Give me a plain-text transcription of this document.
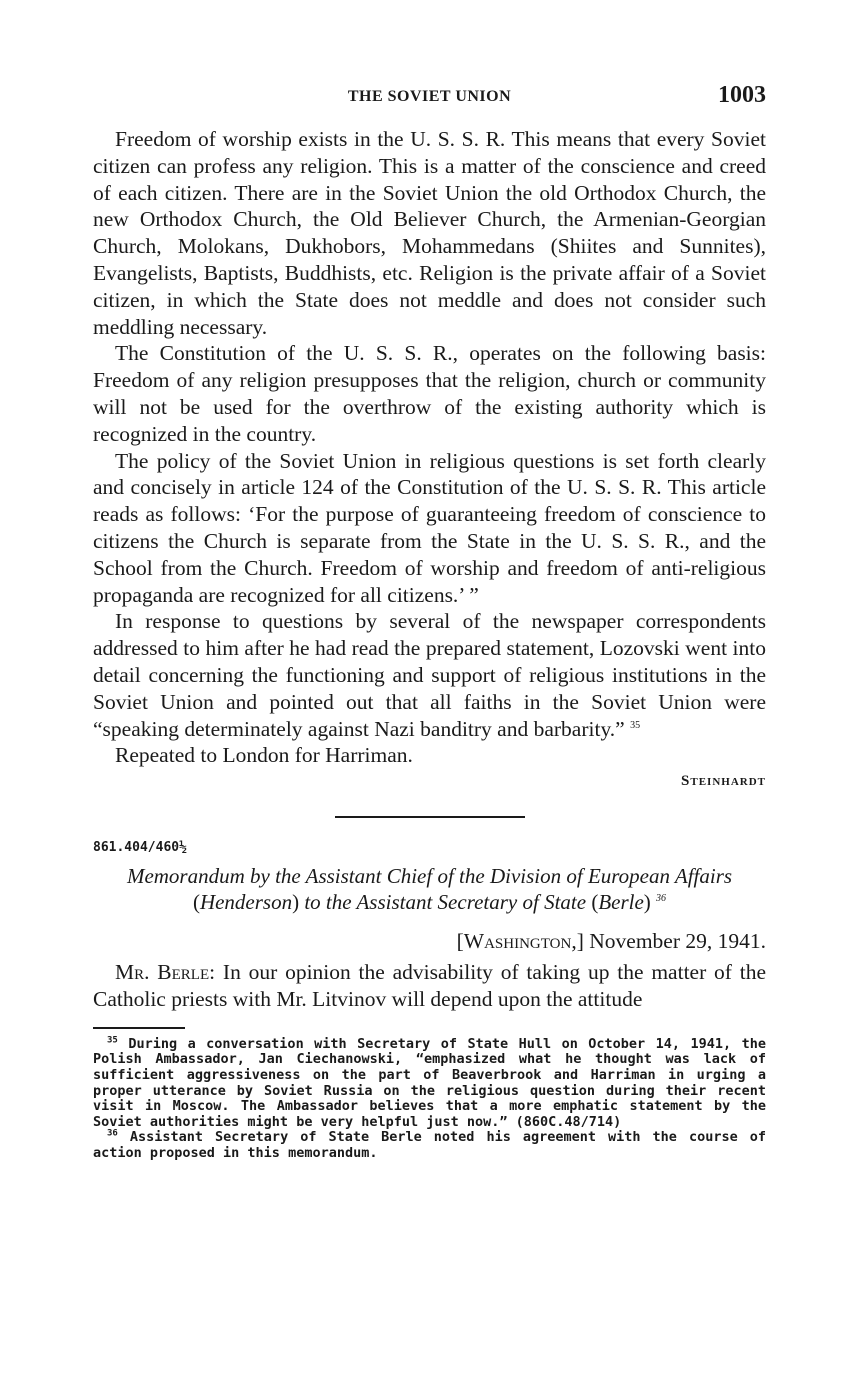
THE SOVIET UNION	1003

Freedom of worship exists in the U. S. S. R. This means that every Soviet citizen can profess any religion. This is a matter of the conscience and creed of each citizen. There are in the Soviet Union the old Orthodox Church, the new Orthodox Church, the Old Believer Church, the Armenian-Georgian Church, Molokans, Dukhobors, Mohammedans (Shiites and Sunnites), Evangelists, Baptists, Buddhists, etc. Religion is the private affair of a Soviet citizen, in which the State does not meddle and does not consider such meddling necessary.

The Constitution of the U. S. S. R., operates on the following basis: Freedom of any religion presupposes that the religion, church or community will not be used for the overthrow of the existing authority which is recognized in the country.

The policy of the Soviet Union in religious questions is set forth clearly and concisely in article 124 of the Constitution of the U. S. S. R. This article reads as follows: ‘For the purpose of guaranteeing freedom of conscience to citizens the Church is separate from the State in the U. S. S. R., and the School from the Church. Freedom of worship and freedom of anti-religious propaganda are recognized for all citizens.’ ”

In response to questions by several of the newspaper correspondents addressed to him after he had read the prepared statement, Lozovski went into detail concerning the functioning and support of religious institutions in the Soviet Union and pointed out that all faiths in the Soviet Union were “speaking determinately against Nazi banditry and barbarity.” $^{35}$

Repeated to London for Harriman.

Steinhardt
861.404/460½
Memorandum by the Assistant Chief of the Division of European Affairs (Henderson) to the Assistant Secretary of State (Berle) $^{36}$
[Washington,] November 29, 1941.

Mr. Berle: In our opinion the advisability of taking up the matter of the Catholic priests with Mr. Litvinov will depend upon the attitude

$^{35}$ During a conversation with Secretary of State Hull on October 14, 1941, the Polish Ambassador, Jan Ciechanowski, “emphasized what he thought was lack of sufficient aggressiveness on the part of Beaverbrook and Harriman in urging a proper utterance by Soviet Russia on the religious question during their recent visit in Moscow. The Ambassador believes that a more emphatic statement by the Soviet authorities might be very helpful just now.” (860C.48/714)

$^{36}$ Assistant Secretary of State Berle noted his agreement with the course of action proposed in this memorandum.
